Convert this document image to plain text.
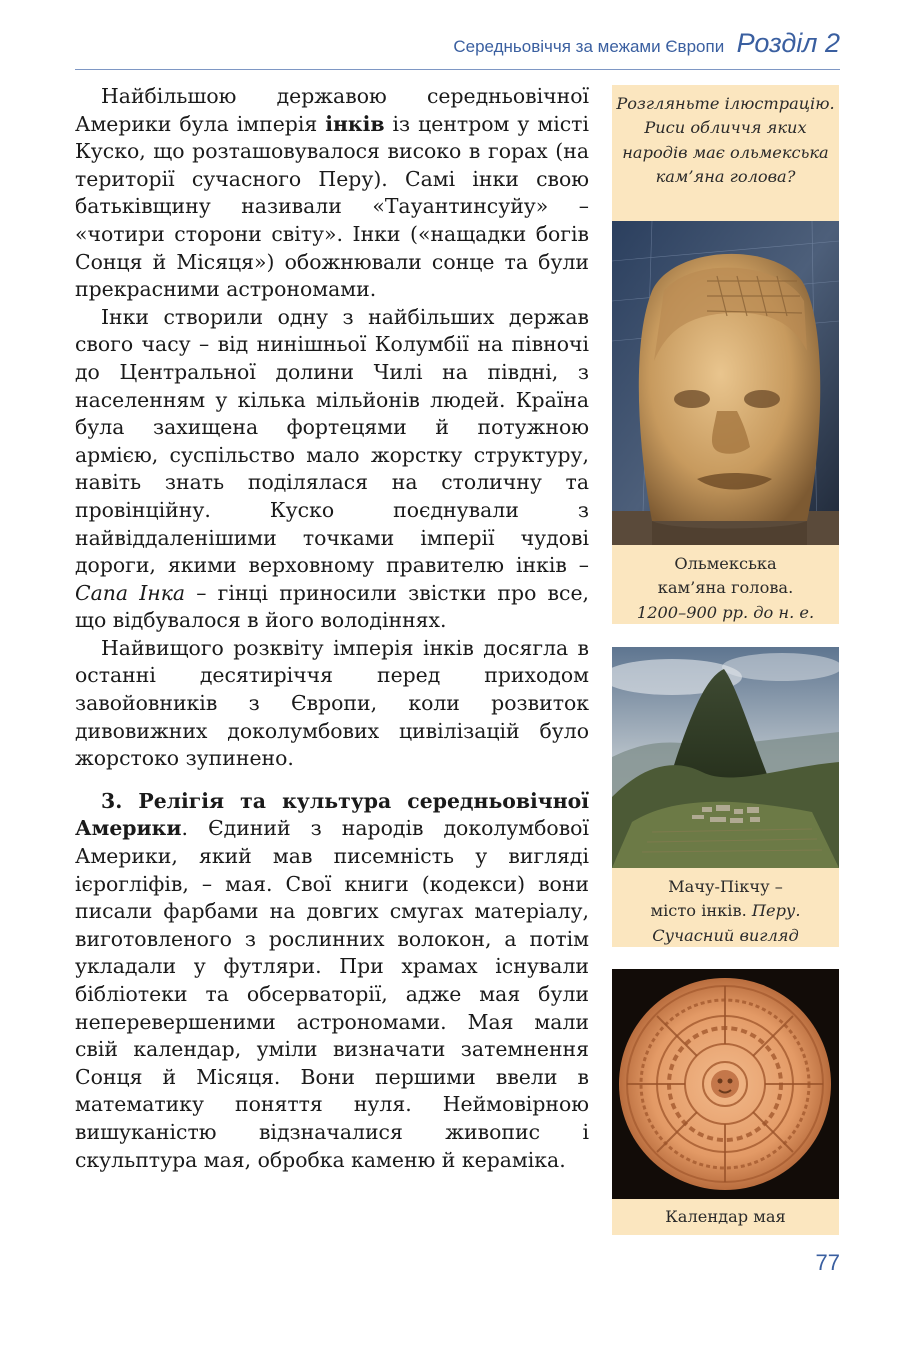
Середньовіччя за межами Європи Розділ 2

Найбільшою державою середньовічної Америки була імперія інків із центром у місті Куско, що розташовувалося високо в горах (на території сучасного Перу). Самі інки свою батьківщину називали «Тауантинсуйу» – «чотири сторони світу». Інки («нащадки богів Сонця й Місяця») обожнювали сонце та були прекрасними астрономами.

Інки створили одну з найбільших держав свого часу – від нинішньої Колумбії на півночі до Центральної долини Чилі на півдні, з населенням у кілька мільйонів людей. Країна була захищена фортецями й потужною армією, суспільство мало жорстку структуру, навіть знать поділялася на столичну та провінційну. Куско поєднували з найвіддаленішими точками імперії чудові дороги, якими верховному правителю інків – Сапа Інка – гінці приносили звістки про все, що відбувалося в його володіннях.

Найвищого розквіту імперія інків досягла в останні десятиріччя перед приходом завойовників з Європи, коли розвиток дивовижних доколумбових цивілізацій було жорстоко зупинено.

3. Релігія та культура середньовічної Америки. Єдиний з народів доколумбової Америки, який мав писемність у вигляді ієрогліфів, – мая. Свої книги (кодекси) вони писали фарбами на довгих смугах матеріалу, виготовленого з рослинних волокон, а потім укладали у футляри. При храмах існували бібліотеки та обсерваторії, адже мая були неперевершеними астрономами. Мая мали свій календар, уміли визначати затемнення Сонця й Місяця. Вони першими ввели в математику поняття нуля. Неймовірною вишуканістю відзначалися живопис і скульптура мая, обробка каменю й кераміка.

Розгляньте ілюстрацію. Риси обличчя яких народів має ольмекська кам’яна голова?
Ольмекська
кам’яна голова.
1200–900 рр. до н. е.
Мачу-Пікчу –
місто інків. Перу.
Сучасний вигляд
Календар мая
77
